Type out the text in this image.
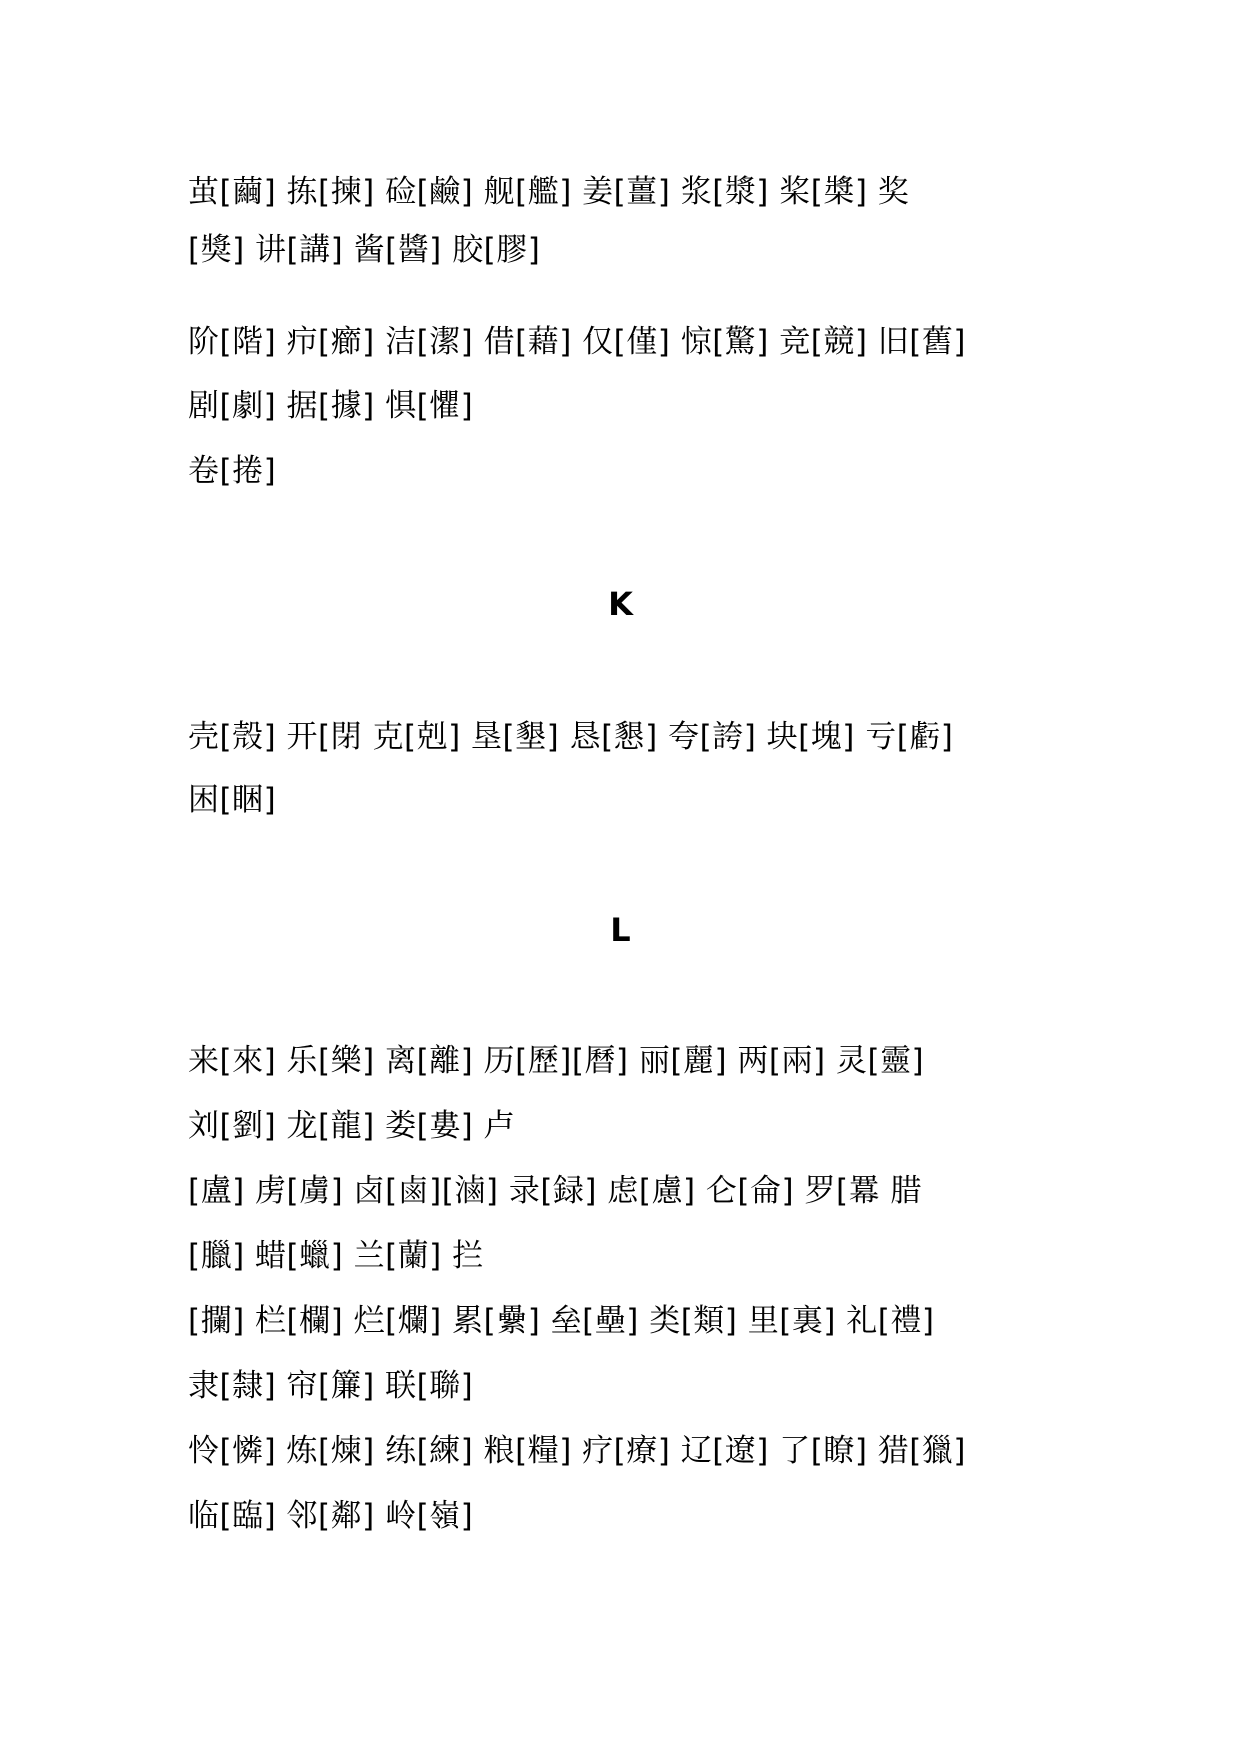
茧[繭] 拣[揀] 硷[鹼] 舰[艦] 姜[薑] 浆[漿] 桨[槳] 奖
[獎] 讲[講] 酱[醬] 胶[膠]
阶[階] 疖[癤] 洁[潔] 借[藉] 仅[僅] 惊[驚] 竞[競] 旧[舊]
剧[劇] 据[據] 惧[懼]
卷[捲]
K
壳[殼] 开[閉 克[剋] 垦[墾] 恳[懇] 夸[誇] 块[塊] 亏[虧]
困[睏]
L
来[來] 乐[樂] 离[離] 历[歷][曆] 丽[麗] 两[兩] 灵[靈]
刘[劉] 龙[龍] 娄[婁] 卢
[盧] 虏[虜] 卤[鹵][滷] 录[録] 虑[慮] 仑[侖] 罗[羃 腊
[臘] 蜡[蠟] 兰[蘭] 拦
[攔] 栏[欄] 烂[爛] 累[纍] 垒[壘] 类[類] 里[裏] 礼[禮]
隶[隸] 帘[簾] 联[聯]
怜[憐] 炼[煉] 练[練] 粮[糧] 疗[療] 辽[遼] 了[瞭] 猎[獵]
临[臨] 邻[鄰] 岭[嶺]
